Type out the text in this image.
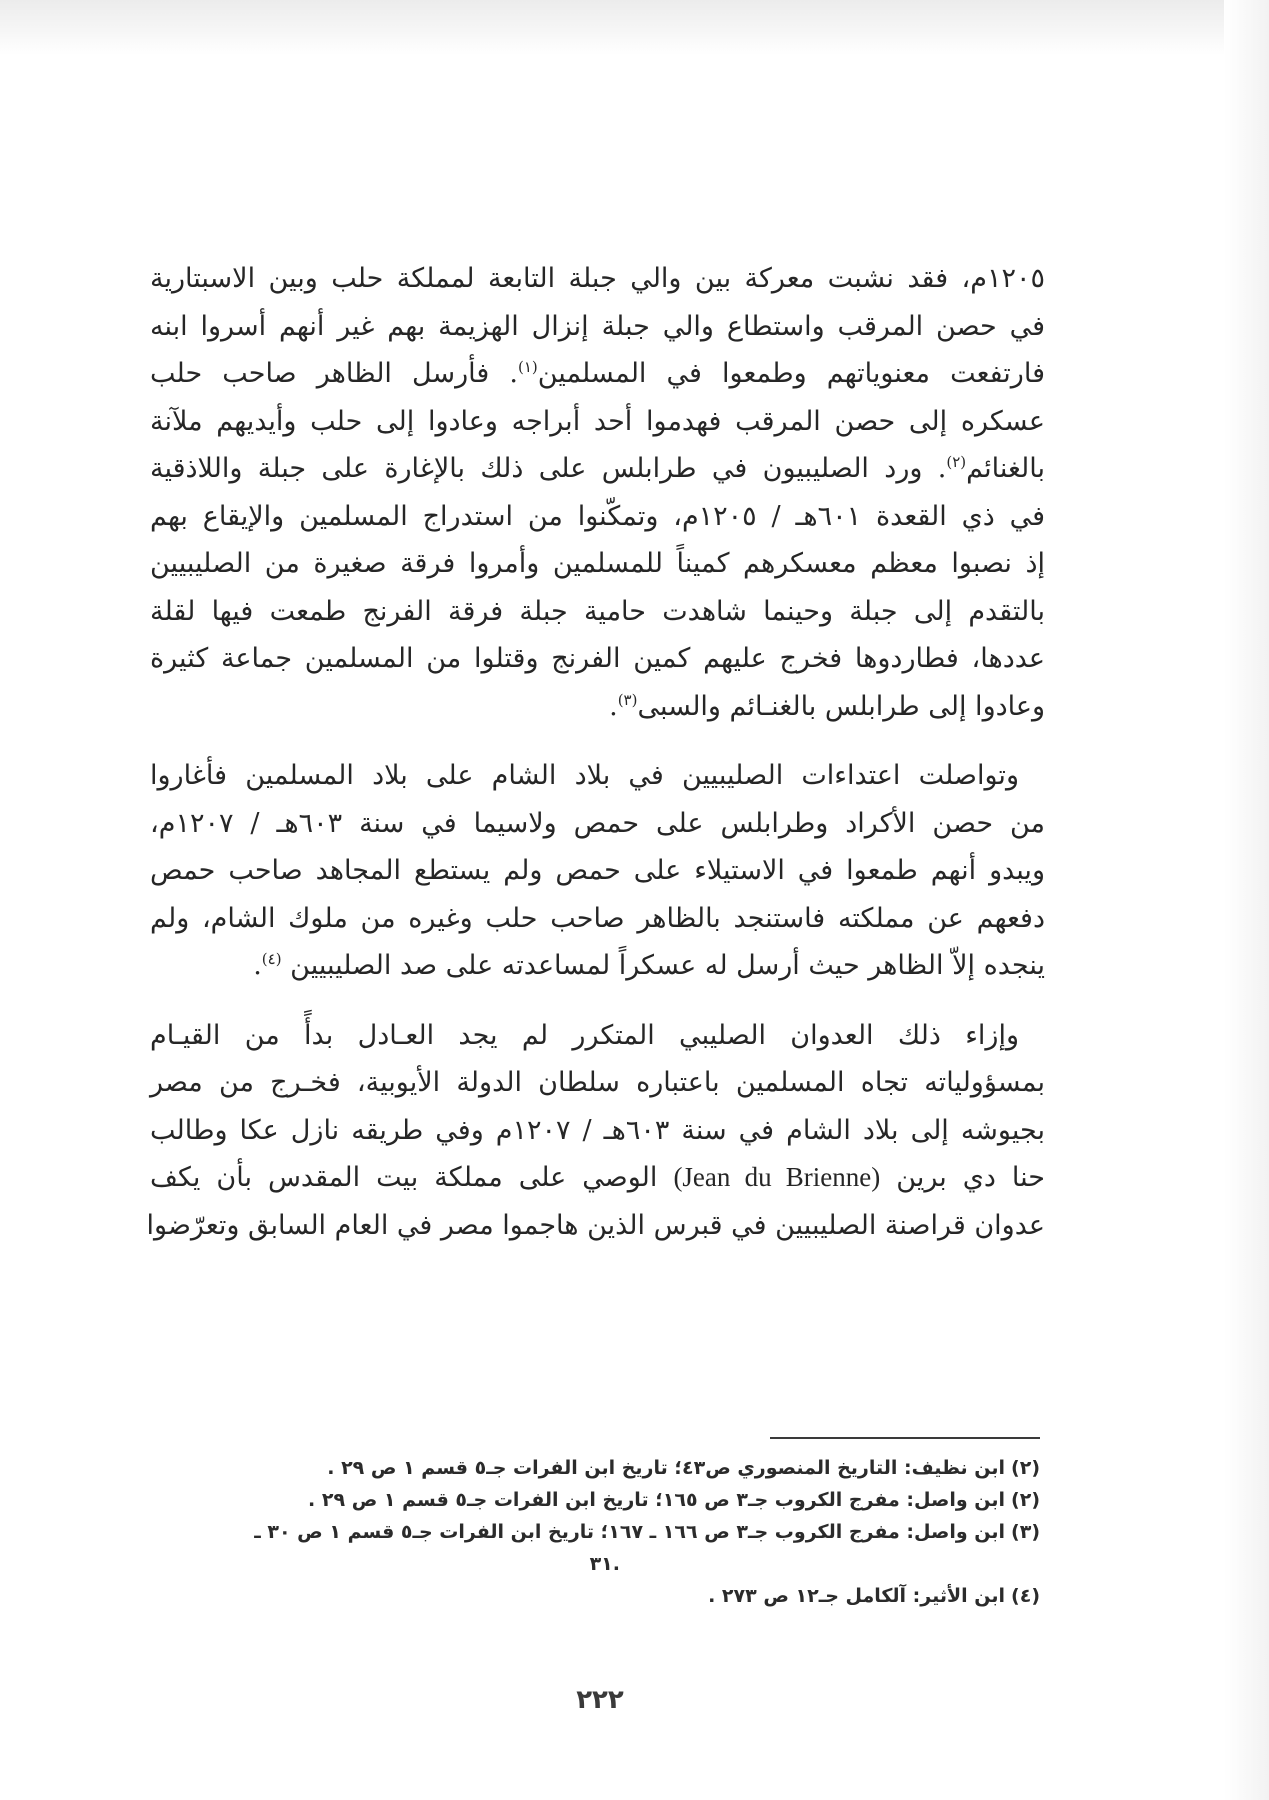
١٢٠٥م، فقد نشبت معركة بين والي جبلة التابعة لمملكة حلب وبين الاسبتارية
في حصن المرقب واستطاع والي جبلة إنزال الهزيمة بهم غير أنهم أسروا ابنه
فارتفعت معنوياتهم وطمعوا في المسلمين$^{(١)}$. فأرسل الظاهر صاحب حلب
عسكره إلى حصن المرقب فهدموا أحد أبراجه وعادوا إلى حلب وأيديهم ملآنة
بالغنائم$^{(٢)}$. ورد الصليبيون في طرابلس على ذلك بالإغارة على جبلة واللاذقية
في ذي القعدة ٦٠١هـ / ١٢٠٥م، وتمكّنوا من استدراج المسلمين والإيقاع بهم
إذ نصبوا معظم معسكرهم كميناً للمسلمين وأمروا فرقة صغيرة من الصليبيين
بالتقدم إلى جبلة وحينما شاهدت حامية جبلة فرقة الفرنج طمعت فيها لقلة
عددها، فطاردوها فخرج عليهم كمين الفرنج وقتلوا من المسلمين جماعة كثيرة
وعادوا إلى طرابلس بالغنـائم والسبى$^{(٣)}$.
وتواصلت اعتداءات الصليبيين في بلاد الشام على بلاد المسلمين فأغاروا
من حصن الأكراد وطرابلس على حمص ولاسيما في سنة ٦٠٣هـ / ١٢٠٧م،
ويبدو أنهم طمعوا في الاستيلاء على حمص ولم يستطع المجاهد صاحب حمص
دفعهم عن مملكته فاستنجد بالظاهر صاحب حلب وغيره من ملوك الشام، ولم
ينجده إلاّ الظاهر حيث أرسل له عسكراً لمساعدته على صد الصليبيين $^{(٤)}$.
وإزاء ذلك العدوان الصليبي المتكرر لم يجد العـادل بدأً من القيـام
بمسؤولياته تجاه المسلمين باعتباره سلطان الدولة الأيوبية، فخـرج من مصر
بجيوشه إلى بلاد الشام في سنة ٦٠٣هـ / ١٢٠٧م وفي طريقه نازل عكا وطالب
حنا دي برين (Jean du Brienne) الوصي على مملكة بيت المقدس بأن يكف
عدوان قراصنة الصليبيين في قبرس الذين هاجموا مصر في العام السابق وتعرّضوا
(٢)ابن نظيف: التاريخ المنصوري ص٤٣؛ تاريخ ابن الفرات جـ٥ قسم ١ ص ٢٩ .
(٢)ابن واصل: مفرج الكروب جـ٣ ص ١٦٥؛ تاريخ ابن الفرات جـ٥ قسم ١ ص ٢٩ .
(٣)ابن واصل: مفرج الكروب جـ٣ ص ١٦٦ ـ ١٦٧؛ تاريخ ابن الفرات جـ٥ قسم ١ ص ٣٠ ـ
.٣١
(٤)ابن الأثير: آلكامل جـ١٢ ص ٢٧٣ .
٢٢٢
